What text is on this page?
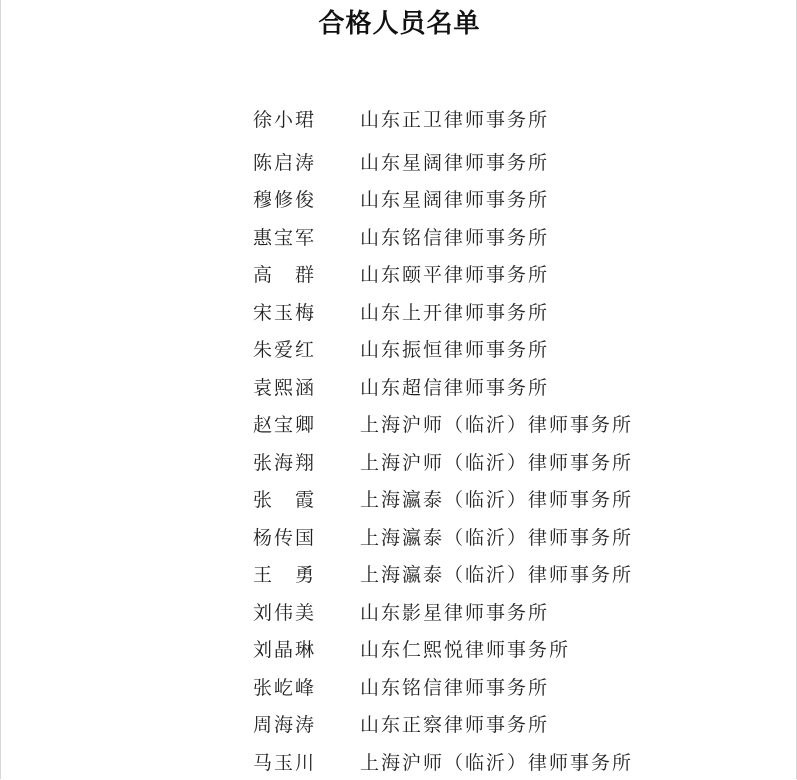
合格人员名单
徐小珺	山东正卫律师事务所
陈启涛	山东星阔律师事务所
穆修俊	山东星阔律师事务所
惠宝军	山东铭信律师事务所
高　群	山东颐平律师事务所
宋玉梅	山东上开律师事务所
朱爱红	山东振恒律师事务所
袁熙涵	山东超信律师事务所
赵宝卿	上海沪师（临沂）律师事务所
张海翔	上海沪师（临沂）律师事务所
张　霞	上海瀛泰（临沂）律师事务所
杨传国	上海瀛泰（临沂）律师事务所
王　勇	上海瀛泰（临沂）律师事务所
刘伟美	山东影星律师事务所
刘晶琳	山东仁熙悦律师事务所
张屹峰	山东铭信律师事务所
周海涛	山东正察律师事务所
马玉川	上海沪师（临沂）律师事务所
